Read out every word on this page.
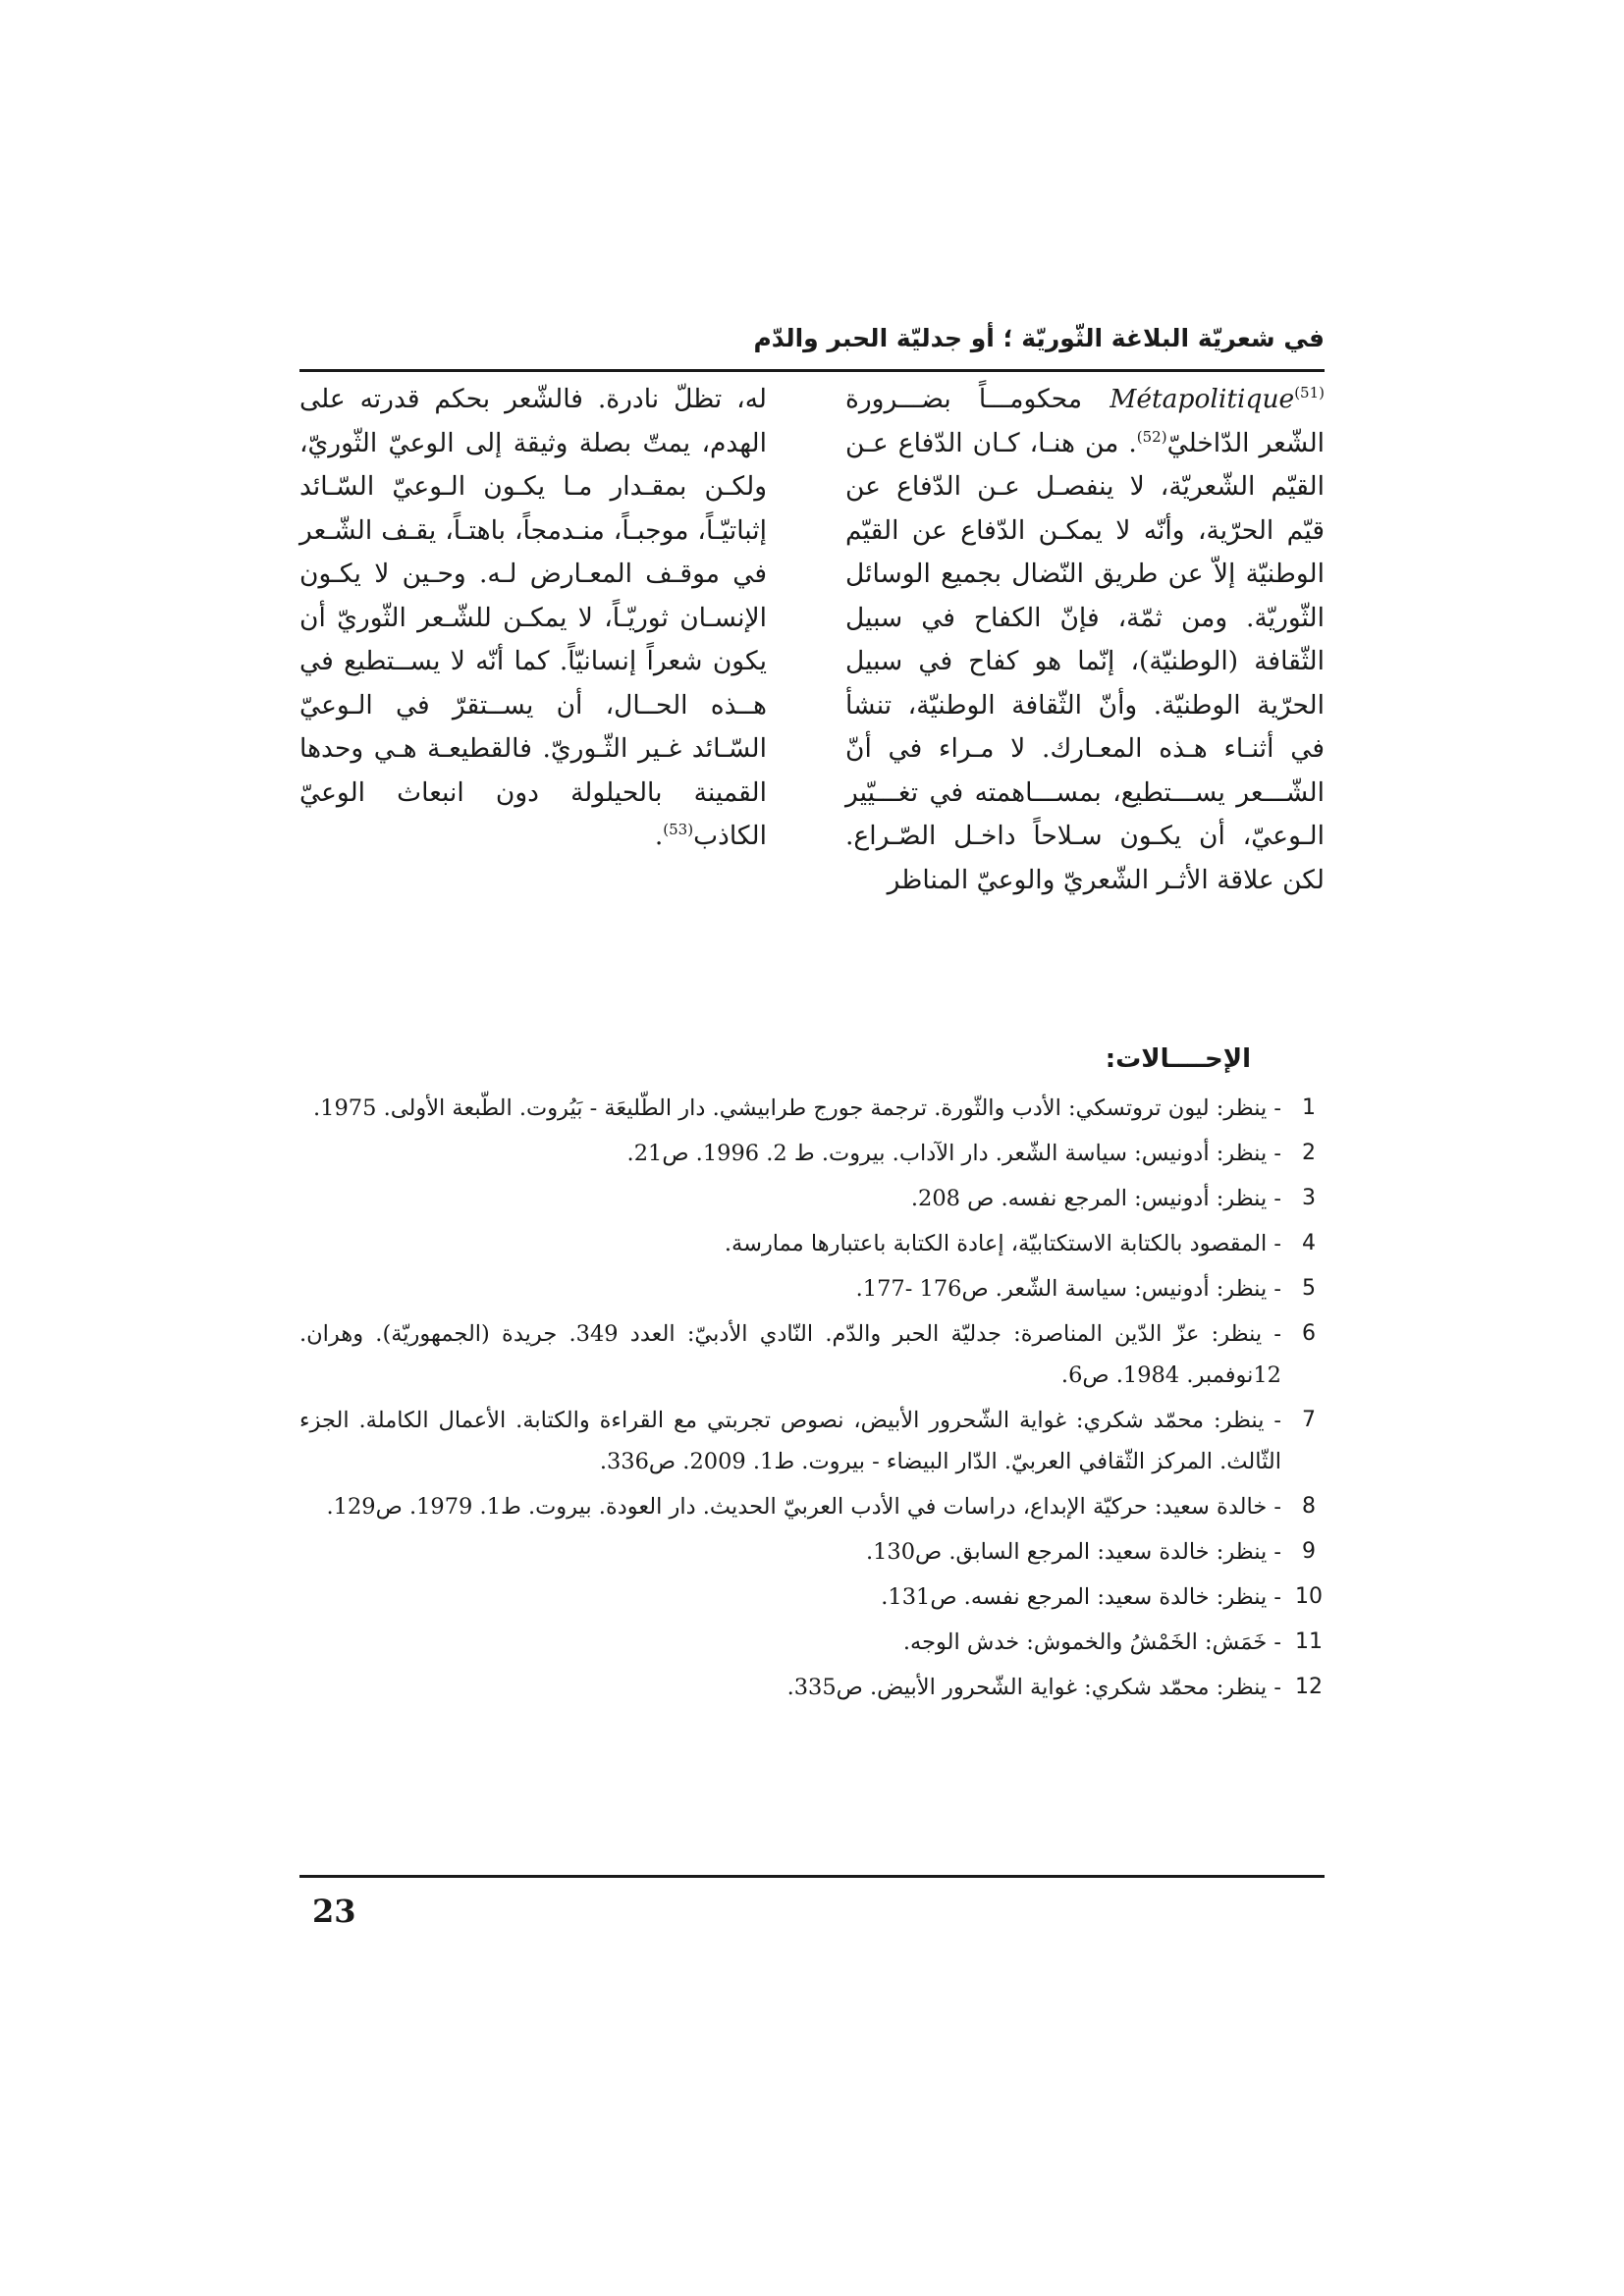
في شعريّة البلاغة الثّوريّة ؛ أو جدليّة الحبر والدّم

Métapolitique$^{(51)}$ محكومـــاً بضـــرورة الشّعر الدّاخليّ$^{(52)}$. من هنـا، كـان الدّفاع عـن القيّم الشّعريّة، لا ينفصـل عـن الدّفاع عن قيّم الحرّية، وأنّه لا يمكـن الدّفاع عن القيّم الوطنيّة إلاّ عن طريق النّضال بجميع الوسائل الثّوريّة. ومن ثمّة، فإنّ الكفاح في سبيل الثّقافة (الوطنيّة)، إنّما هو كفاح في سبيل الحرّية الوطنيّة. وأنّ الثّقافة الوطنيّة، تنشأ في أثنـاء هـذه المعـارك. لا مـراء في أنّ الشّـــعر يســـتطيع، بمســـاهمته في تغـــيّير الـوعيّ، أن يكـون سـلاحاً داخـل الصّـراع. لكن علاقة الأثـر الشّعريّ والوعيّ المناظر

له، تظلّ نادرة. فالشّعر بحكم قدرته على الهدم، يمتّ بصلة وثيقة إلى الوعيّ الثّوريّ، ولكـن بمقـدار مـا يكـون الـوعيّ السّـائد إثباتيّـاً، موجبـاً، منـدمجاً، باهتـاً، يقـف الشّـعر في موقـف المعـارض لـه. وحـين لا يكـون الإنسـان ثوريّـاً، لا يمكـن للشّـعر الثّوريّ أن يكون شعراً إنسانيّاً. كما أنّه لا يســتطيع في هــذه الحــال، أن يســتقرّ في الـوعيّ السّـائد غـير الثّـوريّ. فالقطيعـة هـي وحدها القمينة بالحيلولة دون انبعاث الوعيّ الكاذب$^{(53)}$.

الإحــــالات:
1
- ينظر: ليون تروتسكي: الأدب والثّورة. ترجمة جورج طرابيشي. دار الطّليعَة - بَيُروت. الطّبعة الأولى. 1975.
2
- ينظر: أدونيس: سياسة الشّعر. دار الآداب. بيروت. ط 2. 1996. ص21.
3
- ينظر: أدونيس: المرجع نفسه. ص 208.
4
- المقصود بالكتابة الاستكتابيّة، إعادة الكتابة باعتبارها ممارسة.
5
- ينظر: أدونيس: سياسة الشّعر. ص176 -177.
6
- ينظر: عزّ الدّين المناصرة: جدليّة الحبر والدّم. النّادي الأدبيّ: العدد 349. جريدة (الجمهوريّة). وهران. 12نوفمبر. 1984. ص6.
7
- ينظر: محمّد شكري: غواية الشّحرور الأبيض، نصوص تجربتي مع القراءة والكتابة. الأعمال الكاملة. الجزء الثّالث. المركز الثّقافي العربيّ. الدّار البيضاء - بيروت. ط1. 2009. ص336.
8
- خالدة سعيد: حركيّة الإبداع، دراسات في الأدب العربيّ الحديث. دار العودة. بيروت. ط1. 1979. ص129.
9
- ينظر: خالدة سعيد: المرجع السابق. ص130.
10
- ينظر: خالدة سعيد: المرجع نفسه. ص131.
11
- خَمَش: الخَمْشُ والخموش: خدش الوجه.
12
- ينظر: محمّد شكري: غواية الشّحرور الأبيض. ص335.
23
